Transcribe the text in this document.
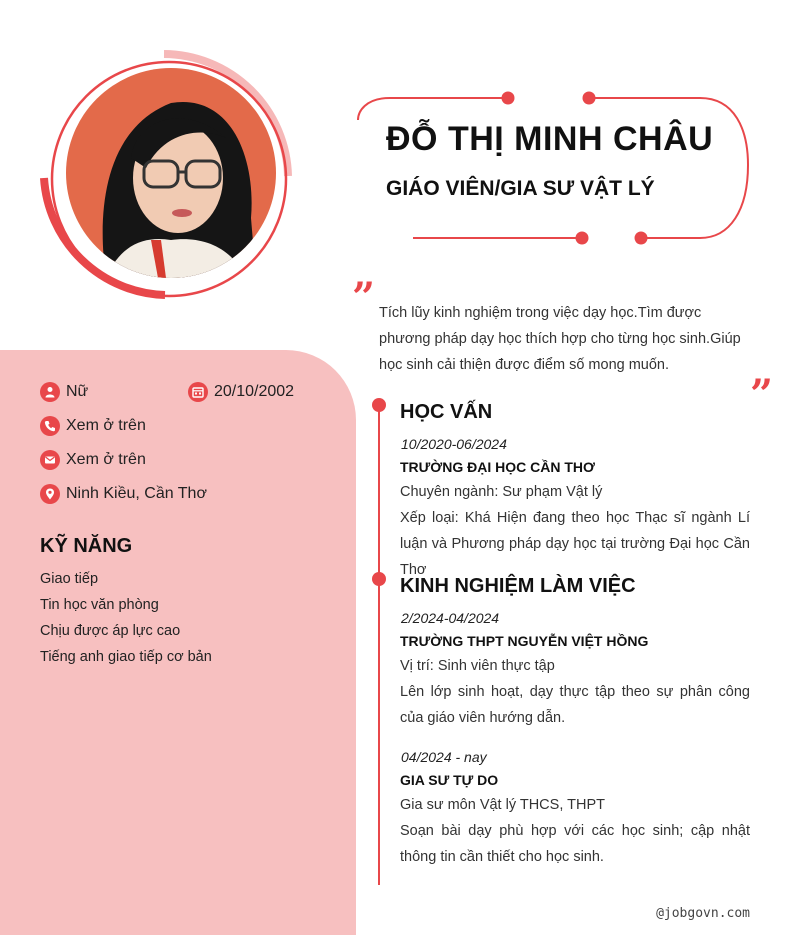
ĐỖ THỊ MINH CHÂU
GIÁO VIÊN/GIA SƯ VẬT LÝ
” Tích lũy kinh nghiệm trong việc dạy học.Tìm được phương pháp dạy học thích hợp cho từng học sinh.Giúp học sinh cải thiện được điểm số mong muốn.
”
Nữ	20/10/2002
Xem ở trên
Xem ở trên
Ninh Kiều, Cần Thơ
KỸ NĂNG
Giao tiếp
Tin học văn phòng
Chịu được áp lực cao
Tiếng anh giao tiếp cơ bản
HỌC VẤN
10/2020-06/2024
TRƯỜNG ĐẠI HỌC CẦN THƠ
Chuyên ngành: Sư phạm Vật lý
Xếp loại: Khá Hiện đang theo học Thạc sĩ ngành Lí luận và Phương pháp dạy học tại trường Đại học Cần Thơ
KINH NGHIỆM LÀM VIỆC
2/2024-04/2024
TRƯỜNG THPT NGUYỄN VIỆT HỒNG
Vị trí: Sinh viên thực tập
Lên lớp sinh hoạt, dạy thực tập theo sự phân công của giáo viên hướng dẫn.
04/2024 - nay
GIA SƯ TỰ DO
Gia sư môn Vật lý THCS, THPT
Soạn bài dạy phù hợp với các học sinh; cập nhật thông tin cần thiết cho học sinh.
@jobgovn.com
